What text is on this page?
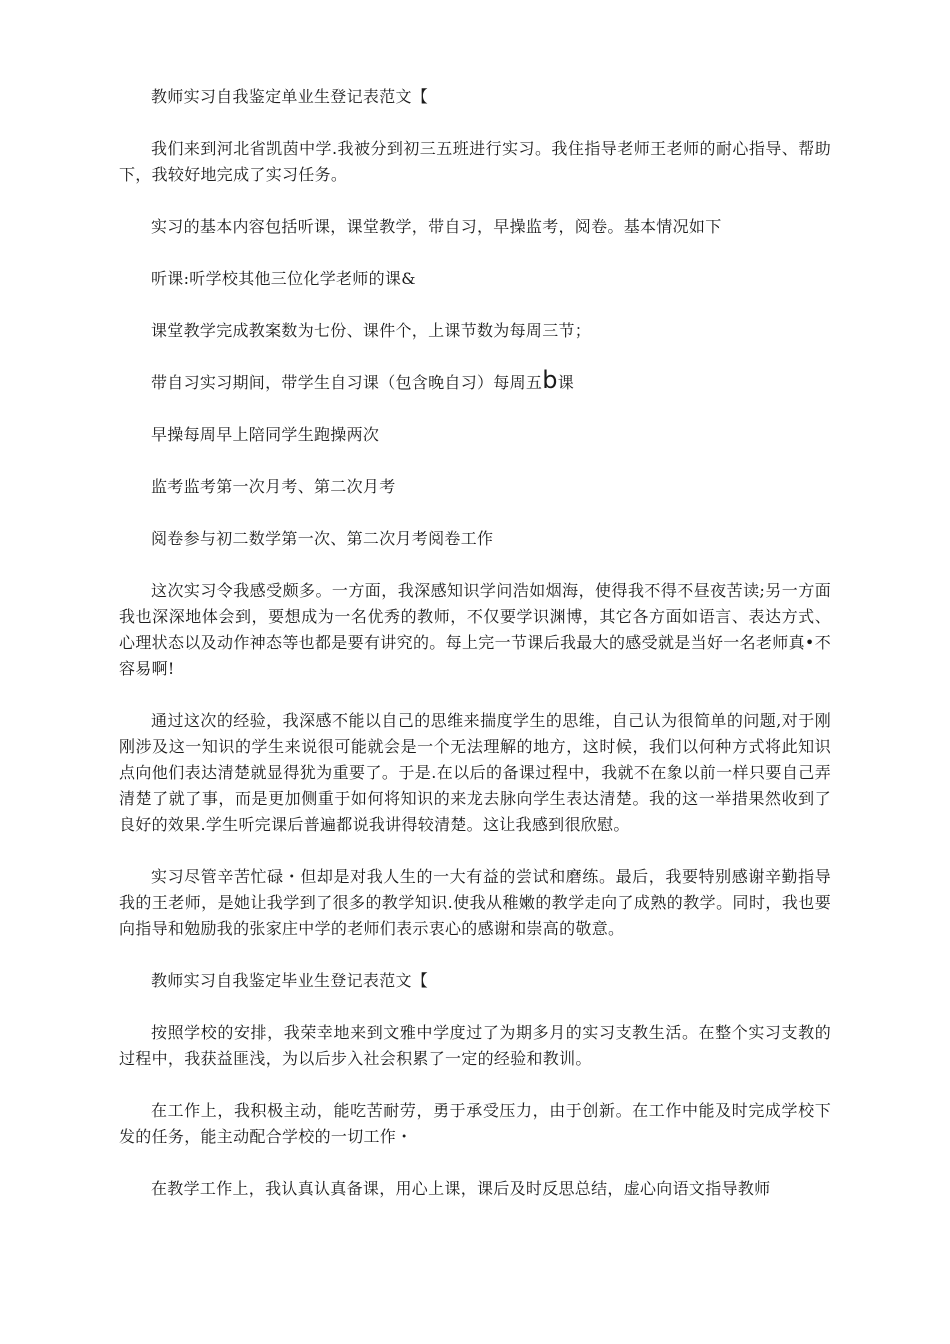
教师实习自我鉴定单业生登记表范文【

我们来到河北省凯茵中学.我被分到初三五班进行实习。我住指导老师王老师的耐心指导、帮助下，我较好地完成了实习任务。

实习的基本内容包括听课，课堂教学，带自习，早操监考，阅卷。基本情况如下

听课:听学校其他三位化学老师的课&

课堂教学完成教案数为七份、课件个，上课节数为每周三节；

带自习实习期间，带学生自习课（包含晚自习）每周五b课

早操每周早上陪同学生跑操两次

监考监考第一次月考、第二次月考

阅卷参与初二数学第一次、第二次月考阅卷工作

这次实习令我感受颇多。一方面，我深感知识学问浩如烟海，使得我不得不昼夜苦读;另一方面我也深深地体会到，要想成为一名优秀的教师，不仅要学识渊博，其它各方面如语言、表达方式、心理状态以及动作神态等也都是要有讲究的。每上完一节课后我最大的感受就是当好一名老师真•不容易啊!

通过这次的经验，我深感不能以自己的思维来揣度学生的思维，自己认为很简单的问题,对于刚刚涉及这一知识的学生来说很可能就会是一个无法理解的地方，这时候，我们以何种方式将此知识点向他们表达清楚就显得犹为重要了。于是.在以后的备课过程中，我就不在象以前一样只要自己弄清楚了就了事，而是更加侧重于如何将知识的来龙去脉向学生表达清楚。我的这一举措果然收到了良好的效果.学生听完课后普遍都说我讲得较清楚。这让我感到很欣慰。

实习尽管辛苦忙碌・但却是对我人生的一大有益的尝试和磨练。最后，我要特别感谢辛勤指导我的王老师，是她让我学到了很多的教学知识.使我从稚嫩的教学走向了成熟的教学。同时，我也要向指导和勉励我的张家庄中学的老师们表示衷心的感谢和崇高的敬意。

教师实习自我鉴定毕业生登记表范文【

按照学校的安排，我荣幸地来到文雅中学度过了为期多月的实习支教生活。在整个实习支教的过程中，我获益匪浅，为以后步入社会积累了一定的经验和教训。

在工作上，我积极主动，能吃苦耐劳，勇于承受压力，由于创新。在工作中能及时完成学校下发的任务，能主动配合学校的一切工作・

在教学工作上，我认真认真备课，用心上课，课后及时反思总结，虚心向语文指导教师
